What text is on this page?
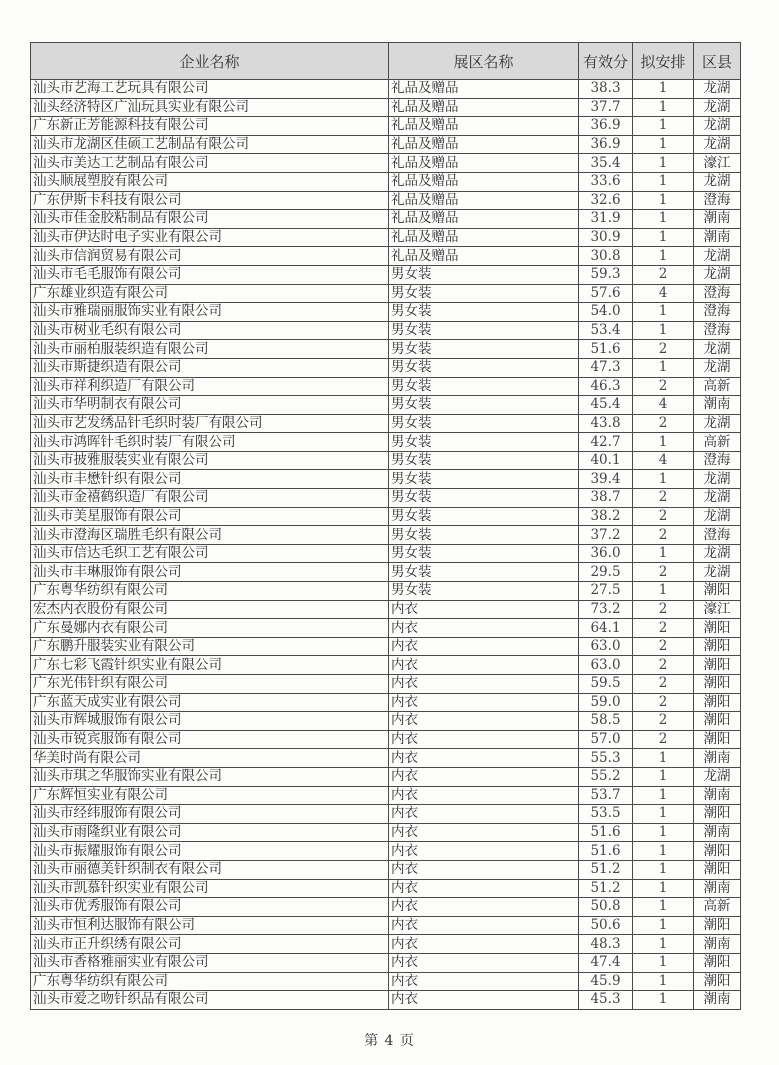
企业名称	展区名称	有效分	拟安排	区县
汕头市艺海工艺玩具有限公司	礼品及赠品	38.3	1	龙湖
汕头经济特区广汕玩具实业有限公司	礼品及赠品	37.7	1	龙湖
广东新正芳能源科技有限公司	礼品及赠品	36.9	1	龙湖
汕头市龙湖区佳硕工艺制品有限公司	礼品及赠品	36.9	1	龙湖
汕头市美达工艺制品有限公司	礼品及赠品	35.4	1	濠江
汕头顺展塑胶有限公司	礼品及赠品	33.6	1	龙湖
广东伊斯卡科技有限公司	礼品及赠品	32.6	1	澄海
汕头市佳金胶粘制品有限公司	礼品及赠品	31.9	1	潮南
汕头市伊达时电子实业有限公司	礼品及赠品	30.9	1	潮南
汕头市信润贸易有限公司	礼品及赠品	30.8	1	龙湖
汕头市毛毛服饰有限公司	男女装	59.3	2	龙湖
广东雄业织造有限公司	男女装	57.6	4	澄海
汕头市雅瑞丽服饰实业有限公司	男女装	54.0	1	澄海
汕头市树业毛织有限公司	男女装	53.4	1	澄海
汕头市丽柏服装织造有限公司	男女装	51.6	2	龙湖
汕头市斯捷织造有限公司	男女装	47.3	1	龙湖
汕头市祥利织造厂有限公司	男女装	46.3	2	高新
汕头市华明制衣有限公司	男女装	45.4	4	潮南
汕头市艺发绣品针毛织时装厂有限公司	男女装	43.8	2	龙湖
汕头市鸿晖针毛织时装厂有限公司	男女装	42.7	1	高新
汕头市披雅服装实业有限公司	男女装	40.1	4	澄海
汕头市丰懋针织有限公司	男女装	39.4	1	龙湖
汕头市金禧鹤织造厂有限公司	男女装	38.7	2	龙湖
汕头市美星服饰有限公司	男女装	38.2	2	龙湖
汕头市澄海区瑞胜毛织有限公司	男女装	37.2	2	澄海
汕头市信达毛织工艺有限公司	男女装	36.0	1	龙湖
汕头市丰琳服饰有限公司	男女装	29.5	2	龙湖
广东粤华纺织有限公司	男女装	27.5	1	潮阳
宏杰内衣股份有限公司	内衣	73.2	2	濠江
广东曼娜内衣有限公司	内衣	64.1	2	潮阳
广东鹏升服装实业有限公司	内衣	63.0	2	潮阳
广东七彩飞霞针织实业有限公司	内衣	63.0	2	潮阳
广东光伟针织有限公司	内衣	59.5	2	潮阳
广东蓝天成实业有限公司	内衣	59.0	2	潮阳
汕头市辉城服饰有限公司	内衣	58.5	2	潮阳
汕头市锐宾服饰有限公司	内衣	57.0	2	潮阳
华美时尚有限公司	内衣	55.3	1	潮南
汕头市琪之华服饰实业有限公司	内衣	55.2	1	龙湖
广东辉恒实业有限公司	内衣	53.7	1	潮南
汕头市经纬服饰有限公司	内衣	53.5	1	潮阳
汕头市雨隆织业有限公司	内衣	51.6	1	潮南
汕头市振耀服饰有限公司	内衣	51.6	1	潮阳
汕头市丽德美针织制衣有限公司	内衣	51.2	1	潮阳
汕头市凯慕针织实业有限公司	内衣	51.2	1	潮南
汕头市优秀服饰有限公司	内衣	50.8	1	高新
汕头市恒利达服饰有限公司	内衣	50.6	1	潮阳
汕头市正升织绣有限公司	内衣	48.3	1	潮南
汕头市香格雅丽实业有限公司	内衣	47.4	1	潮阳
广东粤华纺织有限公司	内衣	45.9	1	潮阳
汕头市爱之吻针织品有限公司	内衣	45.3	1	潮南
第 4 页
